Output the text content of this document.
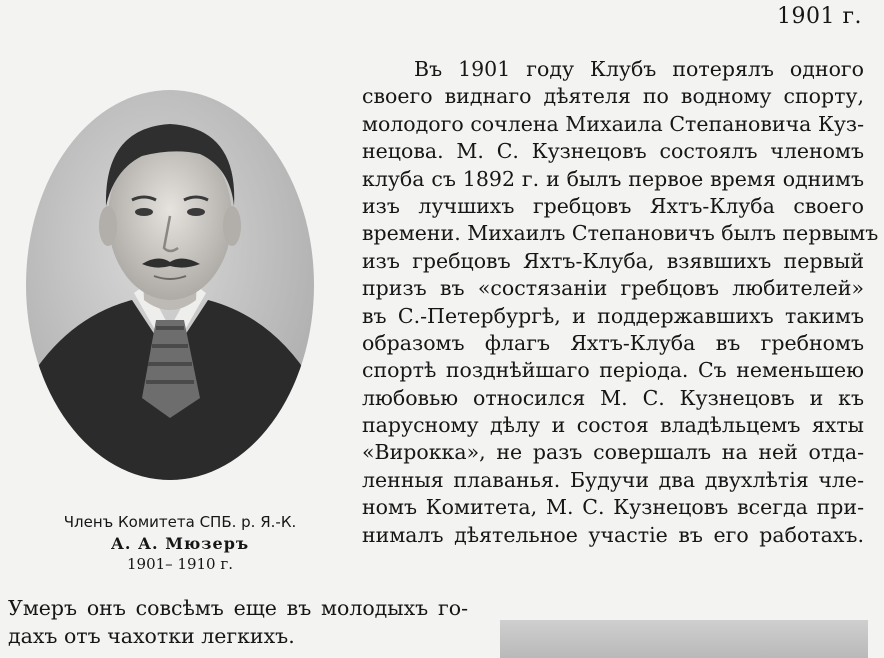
1901 г.
Членъ Комитета СПБ. р. Я.-К.
А. А. Мюзеръ
1901– 1910 г.
Въ 1901 году Клубъ потерялъ одного
своего виднаго дѣятеля по водному спорту,
молодого сочлена Михаила Степановича Куз-
нецова. М. С. Кузнецовъ состоялъ членомъ
клуба съ 1892 г. и былъ первое время однимъ
изъ лучшихъ гребцовъ Яхтъ-Клуба своего
времени. Михаилъ Степановичъ былъ первымъ
изъ гребцовъ Яхтъ-Клуба, взявшихъ первый
призъ въ «состязанiи гребцовъ любителей»
въ С.-Петербургѣ, и поддержавшихъ такимъ
образомъ флагъ Яхтъ-Клуба въ гребномъ
спортѣ позднѣйшаго перiода. Съ неменьшею
любовью относился М. С. Кузнецовъ и къ
парусному дѣлу и состоя владѣльцемъ яхты
«Вирокка», не разъ совершалъ на ней отда-
ленныя плаванья. Будучи два двухлѣтiя чле-
номъ Комитета, М. С. Кузнецовъ всегда при-
нималъ дѣятельное участiе въ его работахъ.
Умеръ онъ совсѣмъ еще въ молодыхъ го-
дахъ отъ чахотки легкихъ.
